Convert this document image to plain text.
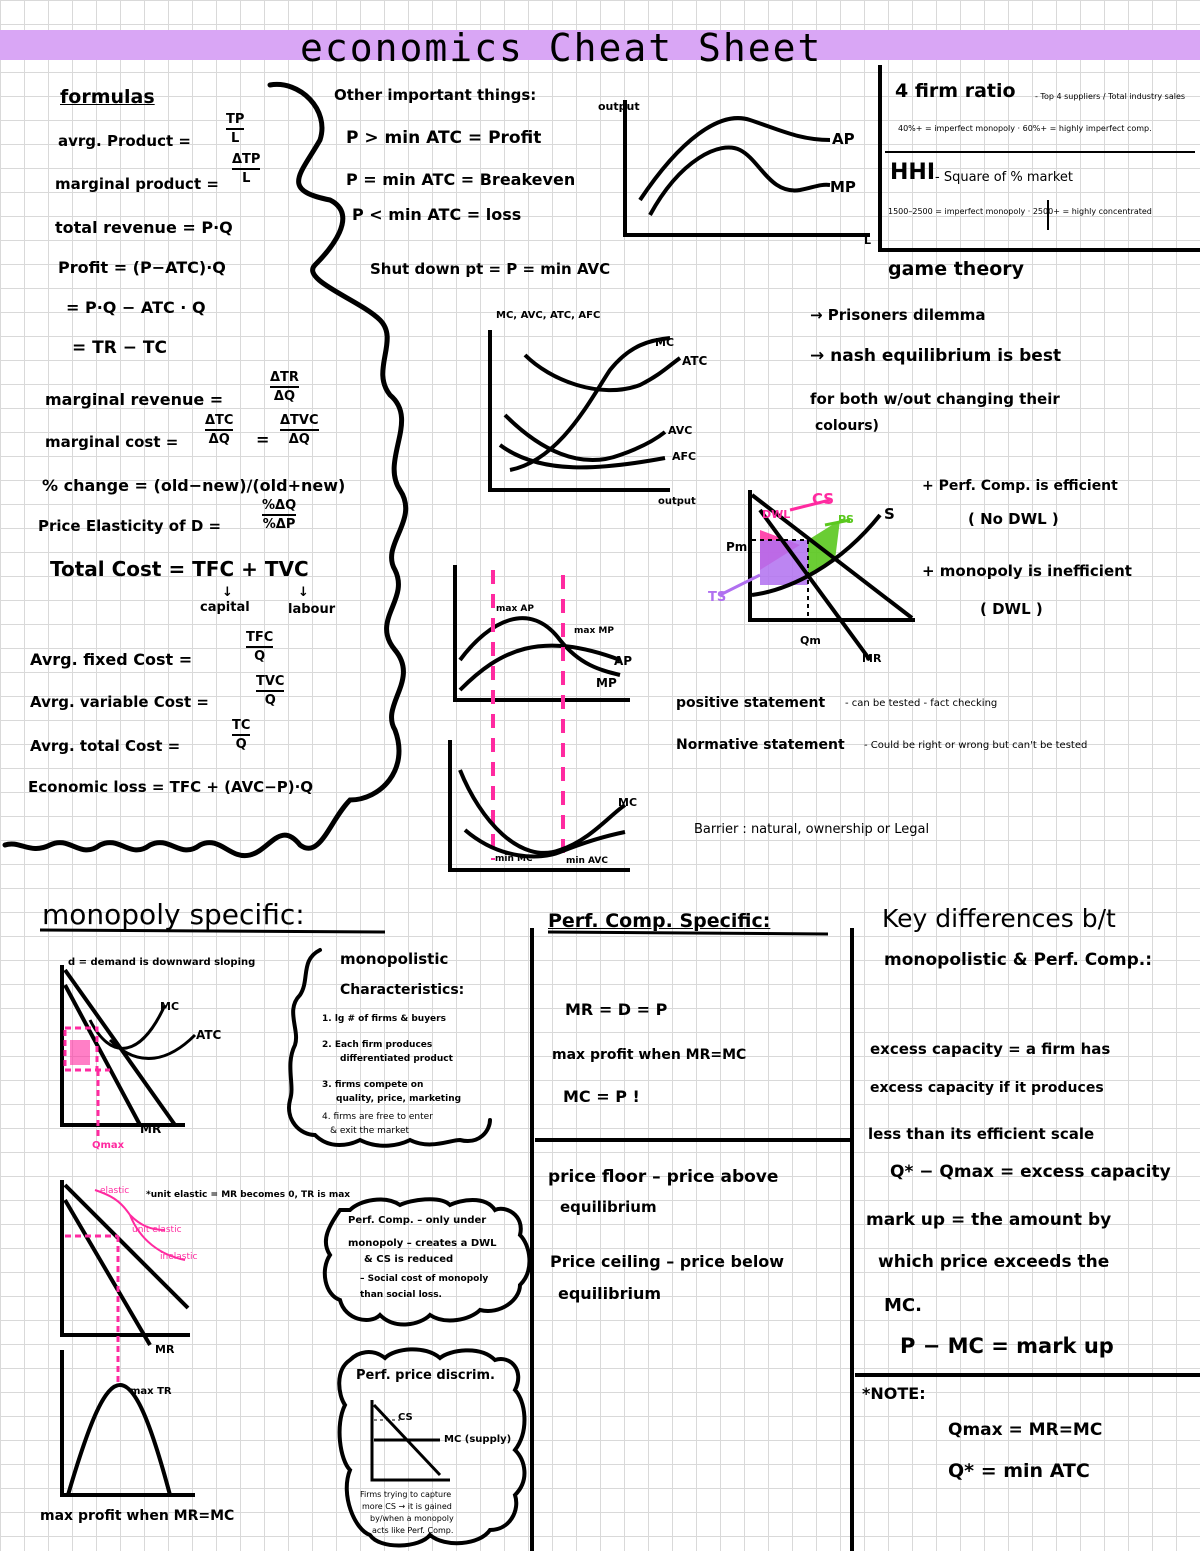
economics Cheat Sheet
formulas
avrg. Product =
TP
L
marginal product =
ΔTP
L
total revenue = P·Q
Profit = (P−ATC)·Q
= P·Q − ATC · Q
= TR − TC
marginal revenue =
ΔTR
ΔQ
marginal cost =
ΔTC
ΔQ =
ΔTVC
ΔQ
% change = (old−new)/(old+new)
Price Elasticity of D =
%ΔQ
%ΔP
Total Cost = TFC + TVC
↓	↓
capital	labour
Avrg. fixed Cost =
TFC
Q
Avrg. variable Cost =
TVC
Q
Avrg. total Cost =
TC
Q
Economic loss = TFC + (AVC−P)·Q
Other important things:
P > min ATC = Profit
P = min ATC = Breakeven
P < min ATC = loss
Shut down pt = P = min AVC
output
AP
MP
L
4 firm ratio - Top 4 suppliers / Total industry sales
40%+ = imperfect monopoly · 60%+ = highly imperfect comp.
HHI - Square of % market
1500–2500 = imperfect monopoly · 2500+ = highly concentrated
game theory
→ Prisoners dilemma
→ nash equilibrium is best
for both w/out changing their
colours)
MC, AVC, ATC, AFC
MC
ATC
AVC
AFC
output	CS
PS
DWL	S
Pm
Qm
MR
TS
+ Perf. Comp. is efficient
( No DWL )
+ monopoly is inefficient
( DWL )
max AP
max MP
AP
MP
MC
min MC	min AVC
positive statement - can be tested - fact checking
Normative statement - Could be right or wrong but can't be tested
Barrier : natural, ownership or Legal
monopoly specific:
d = demand is downward sloping
MC
ATC
MR
Qmax
elastic
unit elastic
inelastic
*unit elastic = MR becomes 0, TR is max
MR
max TR
max profit when MR=MC
monopolistic
Characteristics:
1. lg # of firms & buyers
2. Each firm produces
differentiated product
3. firms compete on
quality, price, marketing
4. firms are free to enter
& exit the market
Perf. Comp. – only under
monopoly – creates a DWL
& CS is reduced
– Social cost of monopoly
than social loss.
Perf. price discrim.
CS
MC (supply)
Firms trying to capture
more CS → it is gained
by/when a monopoly
acts like Perf. Comp.
Perf. Comp. Specific:
MR = D = P
max profit when MR=MC
MC = P !
price floor – price above
equilibrium
Price ceiling – price below
equilibrium
Key differences b/t
monopolistic & Perf. Comp.:
excess capacity = a firm has
excess capacity if it produces
less than its efficient scale
Q* − Qmax = excess capacity
mark up = the amount by
which price exceeds the
MC.
P − MC = mark up
*NOTE:
Qmax = MR=MC
Q* = min ATC
